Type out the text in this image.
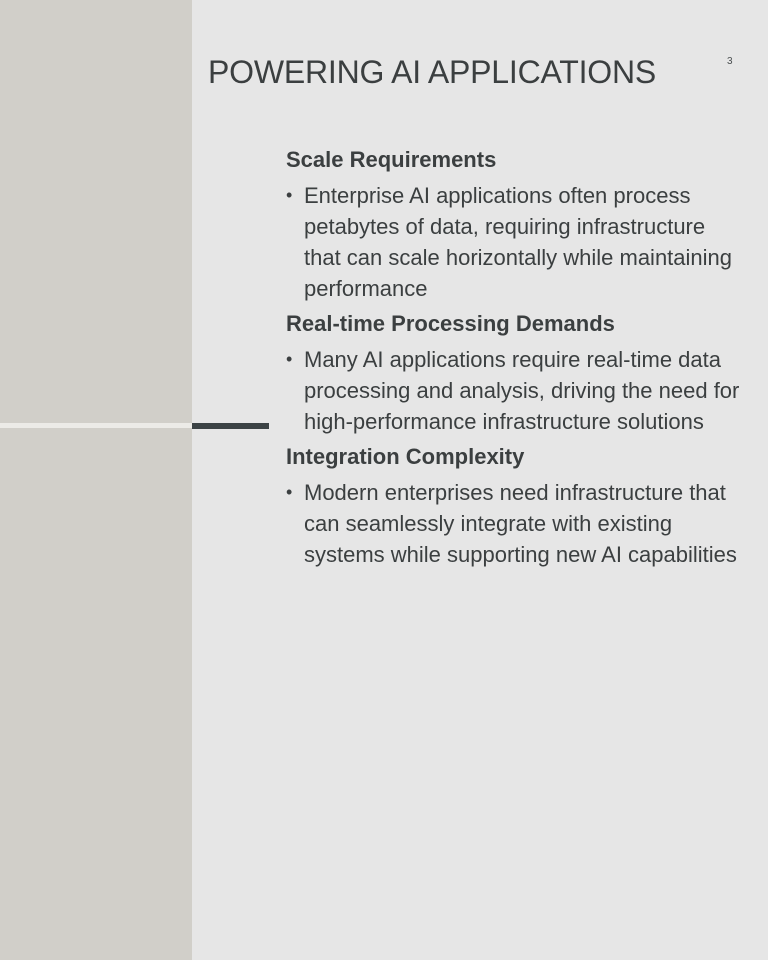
POWERING AI APPLICATIONS	3
Scale Requirements
• Enterprise AI applications often process petabytes of data, requiring infrastructure that can scale horizontally while maintaining performance
Real-time Processing Demands
• Many AI applications require real-time data processing and analysis, driving the need for high-performance infrastructure solutions
Integration Complexity
• Modern enterprises need infrastructure that can seamlessly integrate with existing systems while supporting new AI capabilities
